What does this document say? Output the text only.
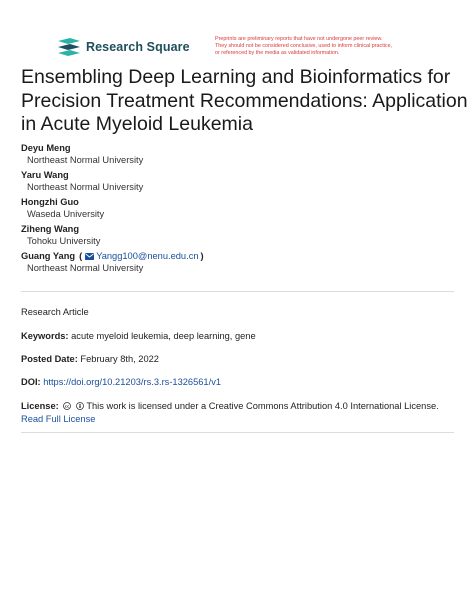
Research Square
Preprints are preliminary reports that have not undergone peer review.
They should not be considered conclusive, used to inform clinical practice,
or referenced by the media as validated information.
Ensembling Deep Learning and Bioinformatics for
Precision Treatment Recommendations: Application
in Acute Myeloid Leukemia
Deyu Meng
Northeast Normal University
Yaru Wang
Northeast Normal University
Hongzhi Guo
Waseda University
Ziheng Wang
Tohoku University
Guang Yang ( Yangg100@nenu.edu.cn )
Northeast Normal University
Research Article
Keywords: acute myeloid leukemia, deep learning, gene
Posted Date: February 8th, 2022
DOI: https://doi.org/10.21203/rs.3.rs-1326561/v1
License: cc This work is licensed under a Creative Commons Attribution 4.0 International License.
Read Full License
